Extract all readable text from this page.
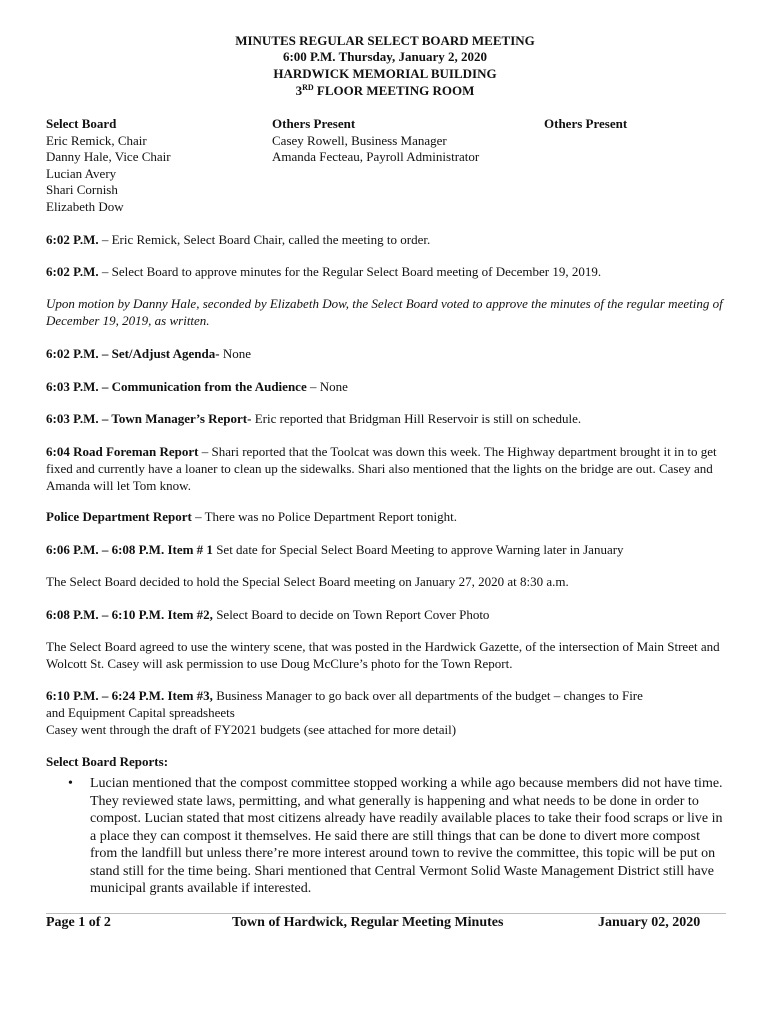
MINUTES REGULAR SELECT BOARD MEETING
6:00 P.M. Thursday, January 2, 2020
HARDWICK MEMORIAL BUILDING
3RD FLOOR MEETING ROOM
Select Board
Eric Remick, Chair
Danny Hale, Vice Chair
Lucian Avery
Shari Cornish
Elizabeth Dow
Others Present
Casey Rowell, Business Manager
Amanda Fecteau, Payroll Administrator
Others Present
6:02 P.M. – Eric Remick, Select Board Chair, called the meeting to order.
6:02 P.M. – Select Board to approve minutes for the Regular Select Board meeting of December 19, 2019.
Upon motion by Danny Hale, seconded by Elizabeth Dow, the Select Board voted to approve the minutes of the regular meeting of December 19, 2019, as written.
6:02 P.M. – Set/Adjust Agenda- None
6:03 P.M. – Communication from the Audience – None
6:03 P.M. – Town Manager’s Report- Eric reported that Bridgman Hill Reservoir is still on schedule.
6:04 Road Foreman Report – Shari reported that the Toolcat was down this week. The Highway department brought it in to get fixed and currently have a loaner to clean up the sidewalks. Shari also mentioned that the lights on the bridge are out. Casey and Amanda will let Tom know.
Police Department Report – There was no Police Department Report tonight.
6:06 P.M. – 6:08 P.M. Item # 1 Set date for Special Select Board Meeting to approve Warning later in January
The Select Board decided to hold the Special Select Board meeting on January 27, 2020 at 8:30 a.m.
6:08 P.M. – 6:10 P.M. Item #2, Select Board to decide on Town Report Cover Photo
The Select Board agreed to use the wintery scene, that was posted in the Hardwick Gazette, of the intersection of Main Street and Wolcott St. Casey will ask permission to use Doug McClure’s photo for the Town Report.
6:10 P.M. – 6:24 P.M. Item #3, Business Manager to go back over all departments of the budget – changes to Fire
and Equipment Capital spreadsheets
Casey went through the draft of FY2021 budgets (see attached for more detail)
Select Board Reports:
• Lucian mentioned that the compost committee stopped working a while ago because members did not have time. They reviewed state laws, permitting, and what generally is happening and what needs to be done in order to compost. Lucian stated that most citizens already have readily available places to take their food scraps or live in a place they can compost it themselves. He said there are still things that can be done to divert more compost from the landfill but unless there’re more interest around town to revive the committee, this topic will be put on stand still for the time being. Shari mentioned that Central Vermont Solid Waste Management District still have municipal grants available if interested.
Page 1 of 2	Town of Hardwick, Regular Meeting Minutes	January 02, 2020
